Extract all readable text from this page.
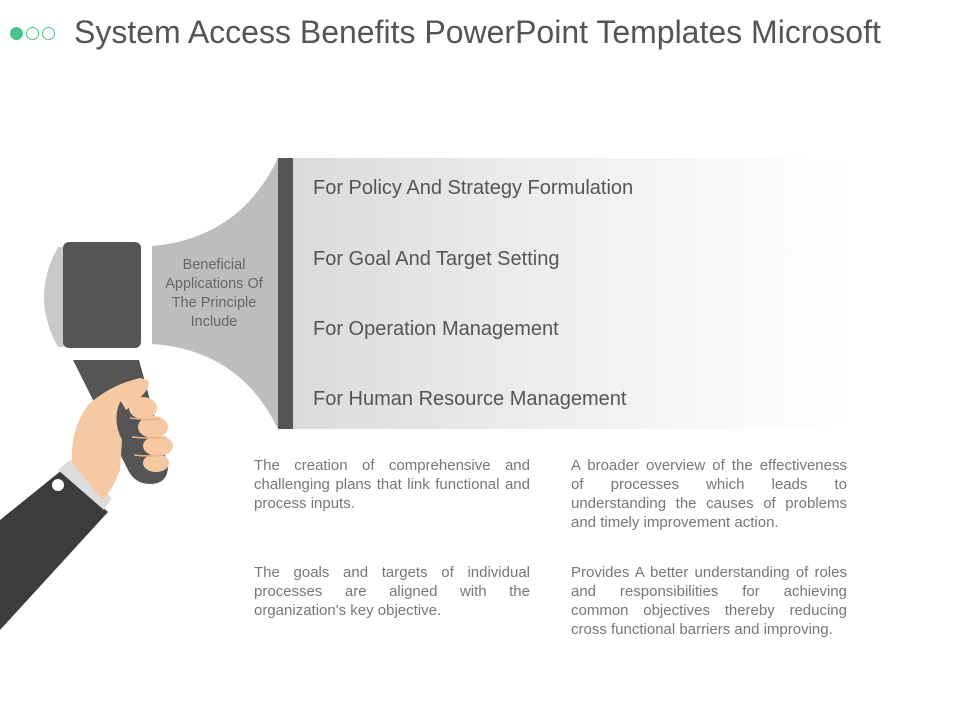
System Access Benefits PowerPoint Templates Microsoft
Beneficial Applications Of The Principle Include
For Policy And Strategy Formulation
For Goal And Target Setting
For Operation Management
For Human Resource Management

The creation of comprehensive and challenging plans that link functional and process inputs.

A broader overview of the effectiveness of processes which leads to understanding the causes of problems and timely improvement action.

The goals and targets of individual processes are aligned with the organization's key objective.

Provides A better understanding of roles and responsibilities for achieving common objectives thereby reducing cross functional barriers and improving.
